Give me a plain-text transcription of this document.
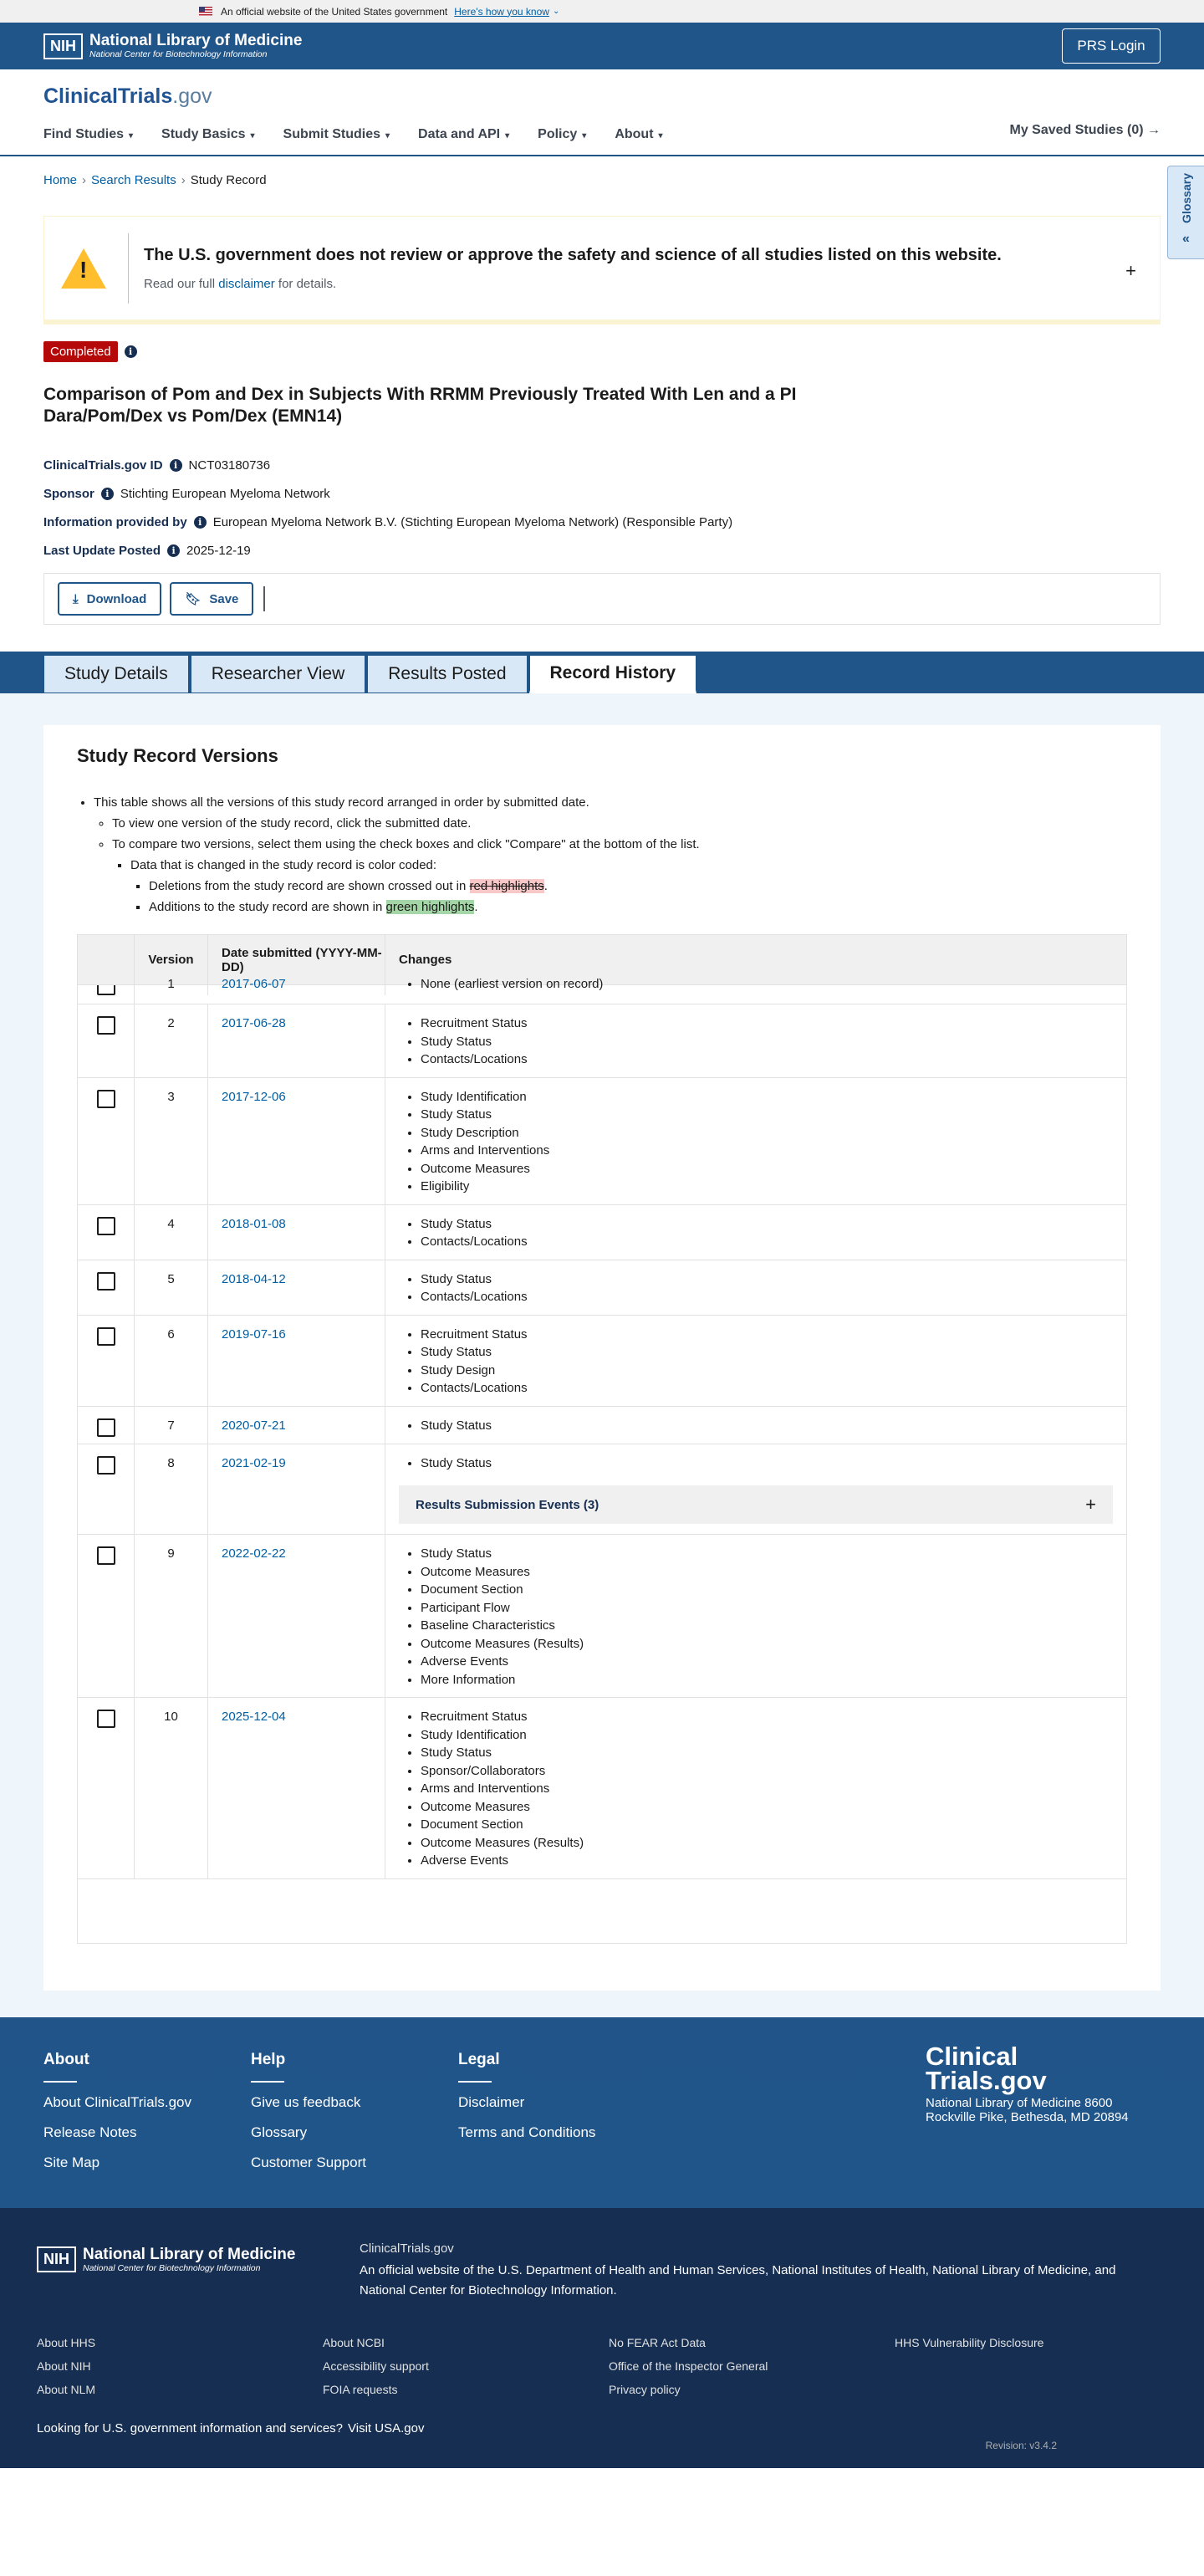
An official website of the United States government Here's how you know ⌄
NIH National Library of Medicine
National Center for Biotechnology Information
PRS Login
ClinicalTrials.gov
Find Studies ▾ Study Basics ▾ Submit Studies ▾ Data and API ▾ Policy ▾ About ▾	My Saved Studies (0) →
Glossary
«
Home › Search Results › Study Record
!
The U.S. government does not review or approve the safety and science of all studies listed on this website.
Read our full disclaimer for details.
+
Completed	i
Comparison of Pom and Dex in Subjects With RRMM Previously Treated With Len and a PI Dara/Pom/Dex vs Pom/Dex (EMN14)
ClinicalTrials.gov ID	i NCT03180736
Sponsor	i Stichting European Myeloma Network
Information provided by	i European Myeloma Network B.V. (Stichting European Myeloma Network) (Responsible Party)
Last Update Posted	i 2025-12-19
⤓ Download	🔖︎ Save
Study Details	Researcher View	Results Posted	Record History
Study Record Versions
• This table shows all the versions of this study record arranged in order by submitted date.
◦ To view one version of the study record, click the submitted date.
◦ To compare two versions, select them using the check boxes and click "Compare" at the bottom of the list.
▪ Data that is changed in the study record is color coded:
▪ Deletions from the study record are shown crossed out in red highlights.
▪ Additions to the study record are shown in green highlights.
Version	Date submitted (YYYY-MM-DD)	Changes
1	2017-06-07	• None (earliest version on record)
2	2017-06-28	• Recruitment Status
• Study Status
• Contacts/Locations
3	2017-12-06	• Study Identification
• Study Status
• Study Description
• Arms and Interventions
• Outcome Measures
• Eligibility
4	2018-01-08	• Study Status
• Contacts/Locations
5	2018-04-12	• Study Status
• Contacts/Locations
6	2019-07-16	• Recruitment Status
• Study Status
• Study Design
• Contacts/Locations
7	2020-07-21	• Study Status
8	2021-02-19	• Study Status
Results Submission Events (3)	+
9	2022-02-22	• Study Status
• Outcome Measures
• Document Section
• Participant Flow
• Baseline Characteristics
• Outcome Measures (Results)
• Adverse Events
• More Information
10	2025-12-04	• Recruitment Status
• Study Identification
• Study Status
• Sponsor/Collaborators
• Arms and Interventions
• Outcome Measures
• Document Section
• Outcome Measures (Results)
• Adverse Events
About
About ClinicalTrials.gov
Release Notes
Site Map
Help
Give us feedback
Glossary
Customer Support
Legal
Disclaimer
Terms and Conditions
Clinical
Trials.gov
National Library of Medicine 8600 Rockville Pike, Bethesda, MD 20894
NIH National Library of Medicine
National Center for Biotechnology Information
ClinicalTrials.gov
An official website of the U.S. Department of Health and Human Services, National Institutes of Health, National Library of Medicine, and National Center for Biotechnology Information.
About HHS	About NCBI	No FEAR Act Data	HHS Vulnerability Disclosure
About NIH	Accessibility support	Office of the Inspector General
About NLM	FOIA requests	Privacy policy
Looking for U.S. government information and services? Visit USA.gov
Revision: v3.4.2
